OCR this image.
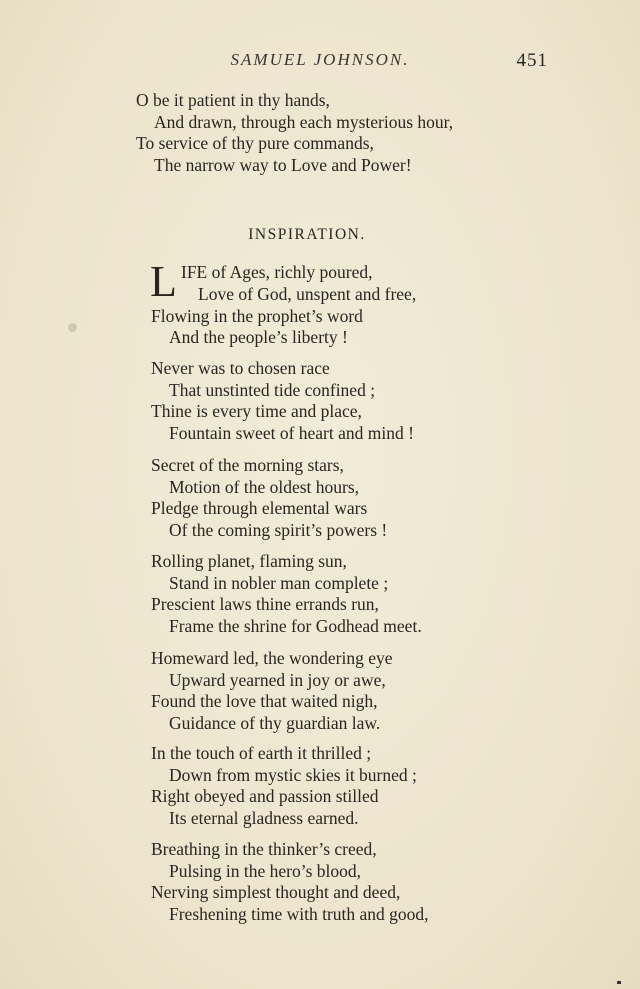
SAMUEL JOHNSON.	451
O be it patient in thy hands,
And drawn, through each mysterious hour,
To service of thy pure commands,
The narrow way to Love and Power!
INSPIRATION.
L IFE of Ages, richly poured,
Love of God, unspent and free,
Flowing in the prophet’s word
And the people’s liberty !
Never was to chosen race
That unstinted tide confined ;
Thine is every time and place,
Fountain sweet of heart and mind !
Secret of the morning stars,
Motion of the oldest hours,
Pledge through elemental wars
Of the coming spirit’s powers !
Rolling planet, flaming sun,
Stand in nobler man complete ;
Prescient laws thine errands run,
Frame the shrine for Godhead meet.
Homeward led, the wondering eye
Upward yearned in joy or awe,
Found the love that waited nigh,
Guidance of thy guardian law.
In the touch of earth it thrilled ;
Down from mystic skies it burned ;
Right obeyed and passion stilled
Its eternal gladness earned.
Breathing in the thinker’s creed,
Pulsing in the hero’s blood,
Nerving simplest thought and deed,
Freshening time with truth and good,
